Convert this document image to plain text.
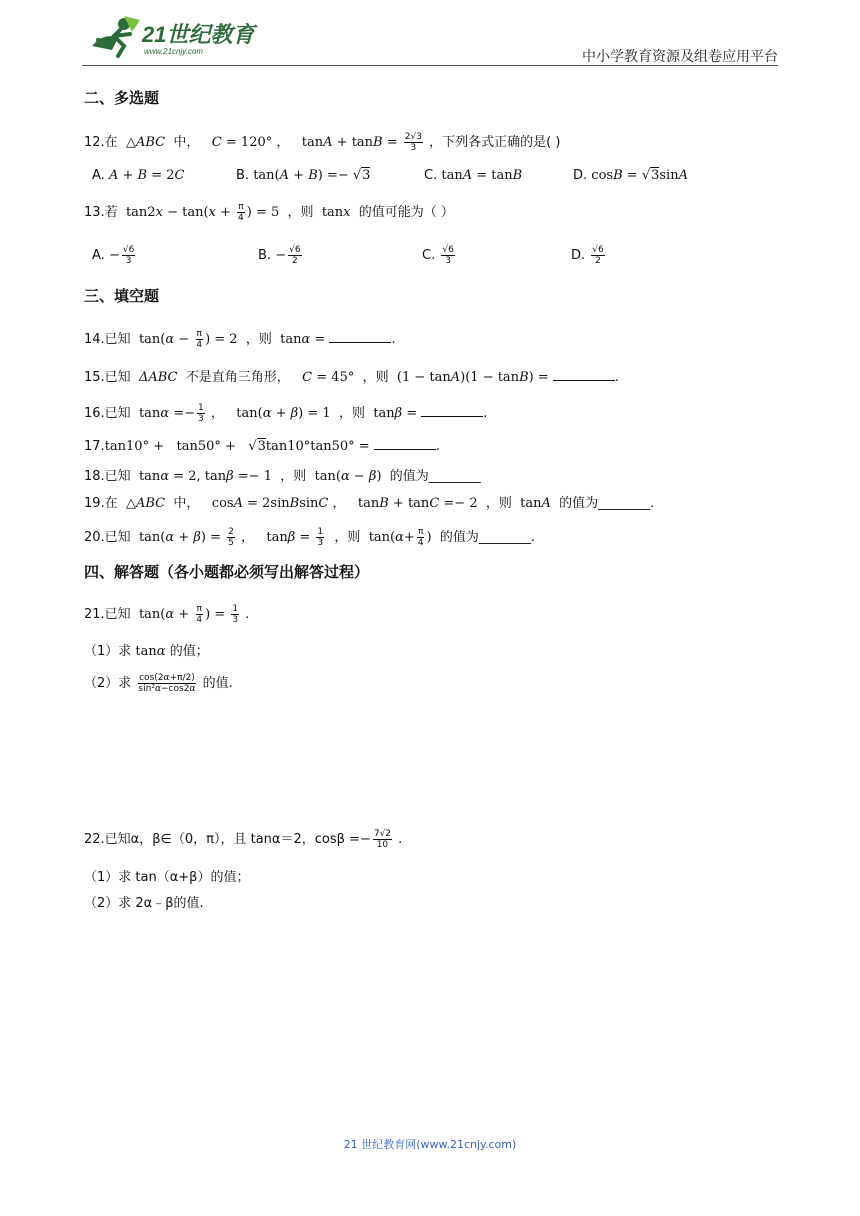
21世纪教育
www.21cnjy.com	中小学教育资源及组卷应用平台
二、多选题
12.在  △ABC 中，   C = 120° ，   $\tan A + \tan B = \frac{2√3}{3}$ ，下列各式正确的是( )
A. A + B = 2C	B. tan(A + B) =− √3	C. tanA = tanB	D. cosB = √3sinA
13.若  $\tan 2x - \tan(x + \frac{\pi}{4}$ ) = 5 ，则  tanx 的值可能为（ ）
A. − $\frac{√6}{3}$	B. − $\frac{√6}{2}$	C. $\frac{√6}{3}$	D. $\frac{√6}{2}$
三、填空题
14.已知  $\tan(\alpha - \frac{\pi}{4}$ ) = 2 ，则  tanα =	.
15.已知  ΔABC  不是直角三角形，   C = 45° ，则  (1 − tanA)(1 − tanB) =	.
16.已知  $\tan\alpha =- \frac{1}{3}$ ，   tan(α + β) = 1 ，则  tanβ =	.
17.tan10° +   tan50° +   √3tan10°tan50° =	.
18.已知  tanα = 2, tanβ =− 1 ，则  tan(α − β)  的值为________
19.在  △ABC 中，   cosA = 2sinBsinC ，   tanB + tanC =− 2 ，则  tanA 的值为________.
20.已知  $\tan(\alpha + \beta) = \frac{2}{5}$ ，   $\tan\beta = \frac{1}{3}$ ，则  $\tan(\alpha+ \frac{\pi}{4}$ )  的值为________.
四、解答题（各小题都必须写出解答过程）
21.已知  $\tan(\alpha + \frac{\pi}{4}$ ) = $\frac{1}{3}$ .
（1）求 tanα 的值；
（2）求 $\frac{\cos(2\alpha+\pi/2)}{\text{sin²α−cos2α}}$ 的值.
22.已知α，β∈（0，π），且 tanα＝2，$\cos\beta =- \frac{7√2}{10}$ .
（1）求 tan（α+β）的值；
（2）求 2α﹣β的值.
21 世纪教育网(www.21cnjy.com)
